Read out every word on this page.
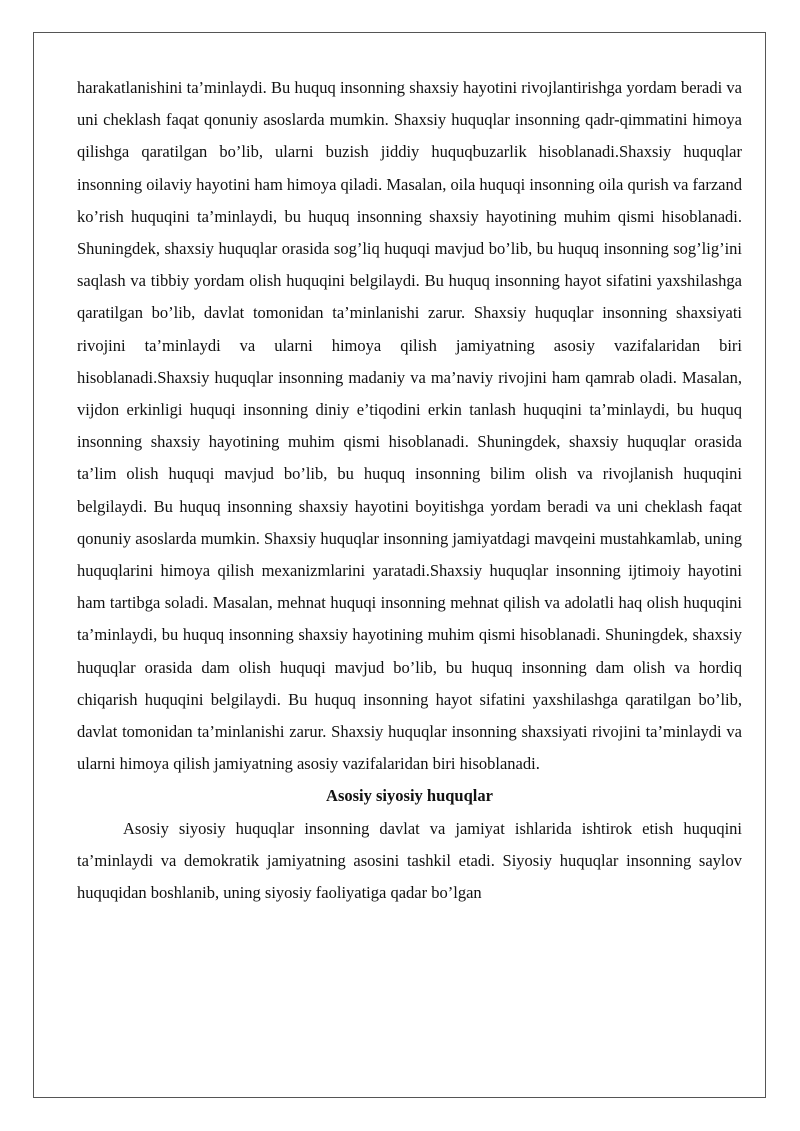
harakatlanishini ta’minlaydi. Bu huquq insonning shaxsiy hayotini rivojlantirishga yordam beradi va uni cheklash faqat qonuniy asoslarda mumkin. Shaxsiy huquqlar insonning qadr-qimmatini himoya qilishga qaratilgan bo’lib, ularni buzish jiddiy huquqbuzarlik hisoblanadi.Shaxsiy huquqlar insonning oilaviy hayotini ham himoya qiladi. Masalan, oila huquqi insonning oila qurish va farzand ko’rish huquqini ta’minlaydi, bu huquq insonning shaxsiy hayotining muhim qismi hisoblanadi. Shuningdek, shaxsiy huquqlar orasida sog’liq huquqi mavjud bo’lib, bu huquq insonning sog’lig’ini saqlash va tibbiy yordam olish huquqini belgilaydi. Bu huquq insonning hayot sifatini yaxshilashga qaratilgan bo’lib, davlat tomonidan ta’minlanishi zarur. Shaxsiy huquqlar insonning shaxsiyati rivojini ta’minlaydi va ularni himoya qilish jamiyatning asosiy vazifalaridan biri hisoblanadi.Shaxsiy huquqlar insonning madaniy va ma’naviy rivojini ham qamrab oladi. Masalan, vijdon erkinligi huquqi insonning diniy e’tiqodini erkin tanlash huquqini ta’minlaydi, bu huquq insonning shaxsiy hayotining muhim qismi hisoblanadi. Shuningdek, shaxsiy huquqlar orasida ta’lim olish huquqi mavjud bo’lib, bu huquq insonning bilim olish va rivojlanish huquqini belgilaydi. Bu huquq insonning shaxsiy hayotini boyitishga yordam beradi va uni cheklash faqat qonuniy asoslarda mumkin. Shaxsiy huquqlar insonning jamiyatdagi mavqeini mustahkamlab, uning huquqlarini himoya qilish mexanizmlarini yaratadi.Shaxsiy huquqlar insonning ijtimoiy hayotini ham tartibga soladi. Masalan, mehnat huquqi insonning mehnat qilish va adolatli haq olish huquqini ta’minlaydi, bu huquq insonning shaxsiy hayotining muhim qismi hisoblanadi. Shuningdek, shaxsiy huquqlar orasida dam olish huquqi mavjud bo’lib, bu huquq insonning dam olish va hordiq chiqarish huquqini belgilaydi. Bu huquq insonning hayot sifatini yaxshilashga qaratilgan bo’lib, davlat tomonidan ta’minlanishi zarur. Shaxsiy huquqlar insonning shaxsiyati rivojini ta’minlaydi va ularni himoya qilish jamiyatning asosiy vazifalaridan biri hisoblanadi.

Asosiy siyosiy huquqlar

Asosiy siyosiy huquqlar insonning davlat va jamiyat ishlarida ishtirok etish huquqini ta’minlaydi va demokratik jamiyatning asosini tashkil etadi. Siyosiy huquqlar insonning saylov huquqidan boshlanib, uning siyosiy faoliyatiga qadar bo’lgan
